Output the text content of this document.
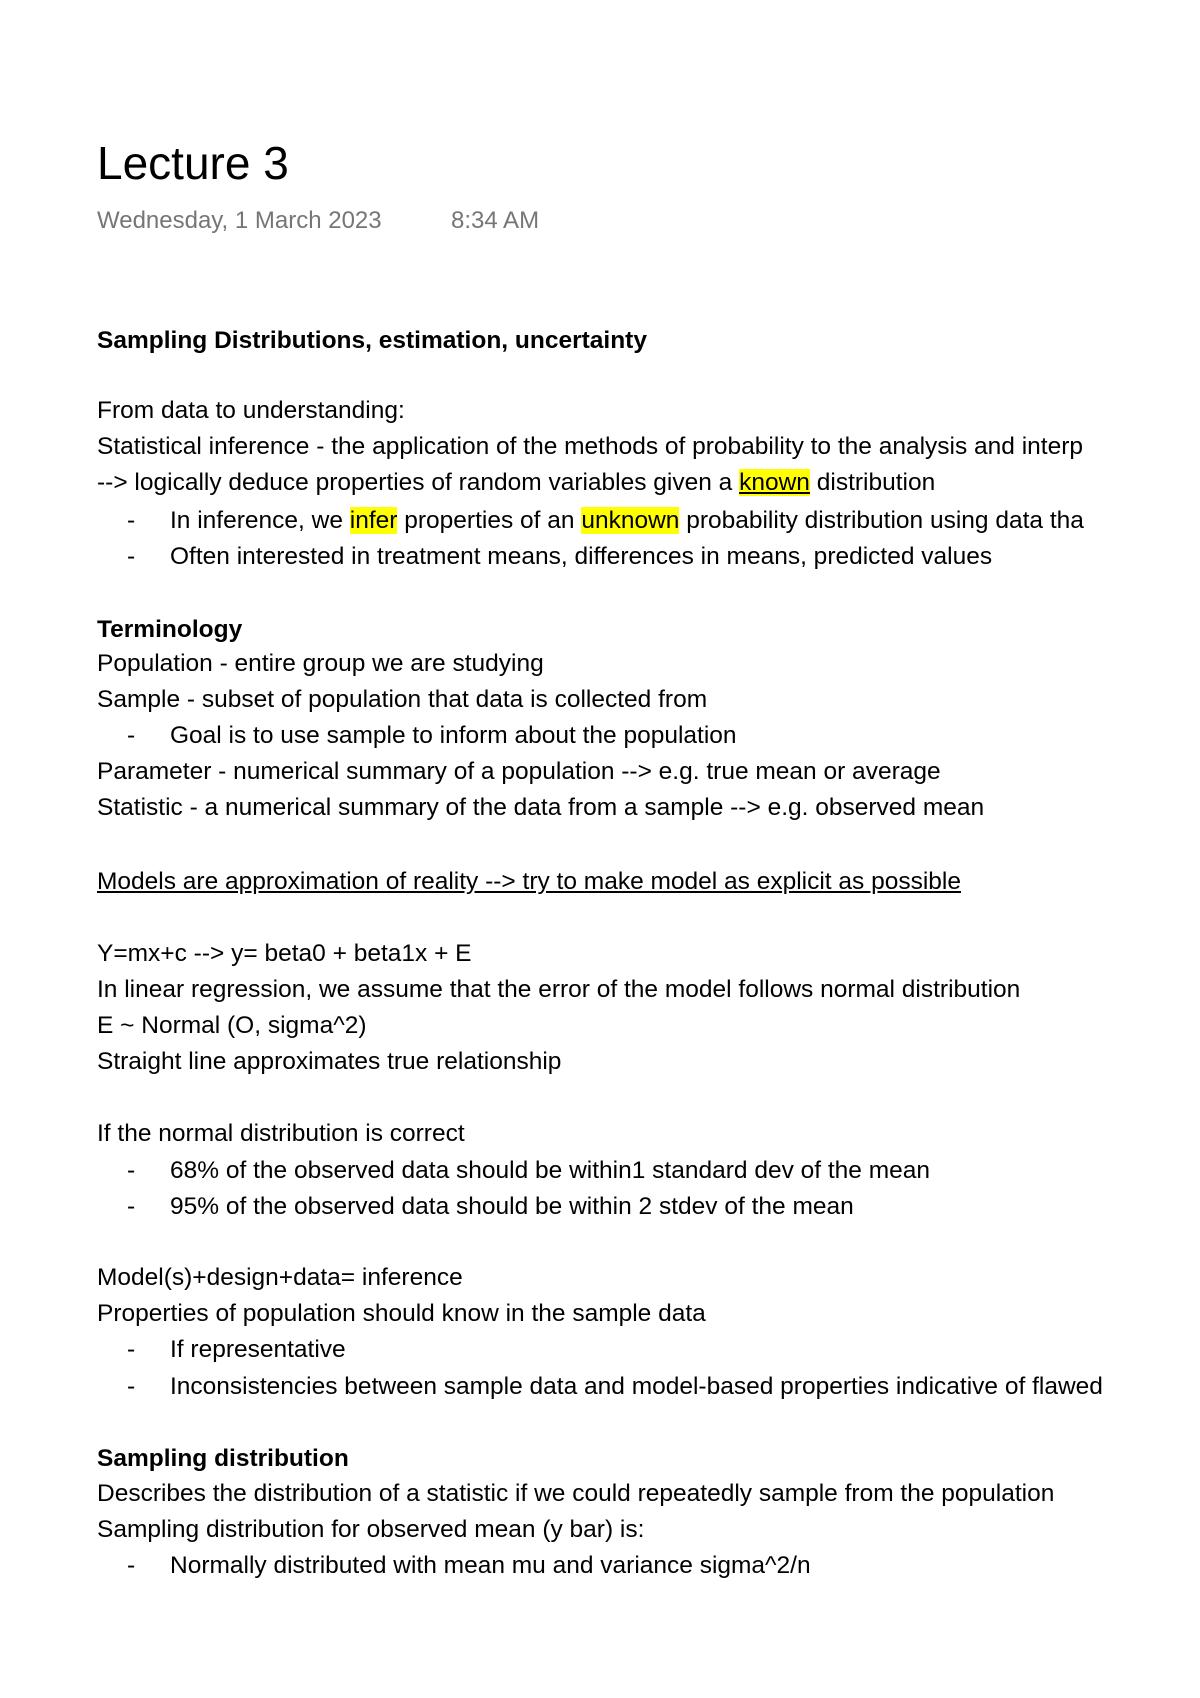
Lecture 3
Wednesday, 1 March 2023	8:34 AM
Sampling Distributions, estimation, uncertainty
From data to understanding:
Statistical inference - the application of the methods of probability to the analysis and interp
--> logically deduce properties of random variables given a known distribution
- In inference, we infer properties of an unknown probability distribution using data tha
- Often interested in treatment means, differences in means, predicted values
Terminology
Population - entire group we are studying
Sample - subset of population that data is collected from
- Goal is to use sample to inform about the population
Parameter - numerical summary of a population --> e.g. true mean or average
Statistic - a numerical summary of the data from a sample --> e.g. observed mean
Models are approximation of reality --> try to make model as explicit as possible
Y=mx+c --> y= beta0 + beta1x + E
In linear regression, we assume that the error of the model follows normal distribution
E ~ Normal (O, sigma^2)
Straight line approximates true relationship
If the normal distribution is correct
- 68% of the observed data should be within1 standard dev of the mean
- 95% of the observed data should be within 2 stdev of the mean
Model(s)+design+data= inference
Properties of population should know in the sample data
- If representative
- Inconsistencies between sample data and model-based properties indicative of flawed
Sampling distribution
Describes the distribution of a statistic if we could repeatedly sample from the population
Sampling distribution for observed mean (y bar) is:
- Normally distributed with mean mu and variance sigma^2/n
